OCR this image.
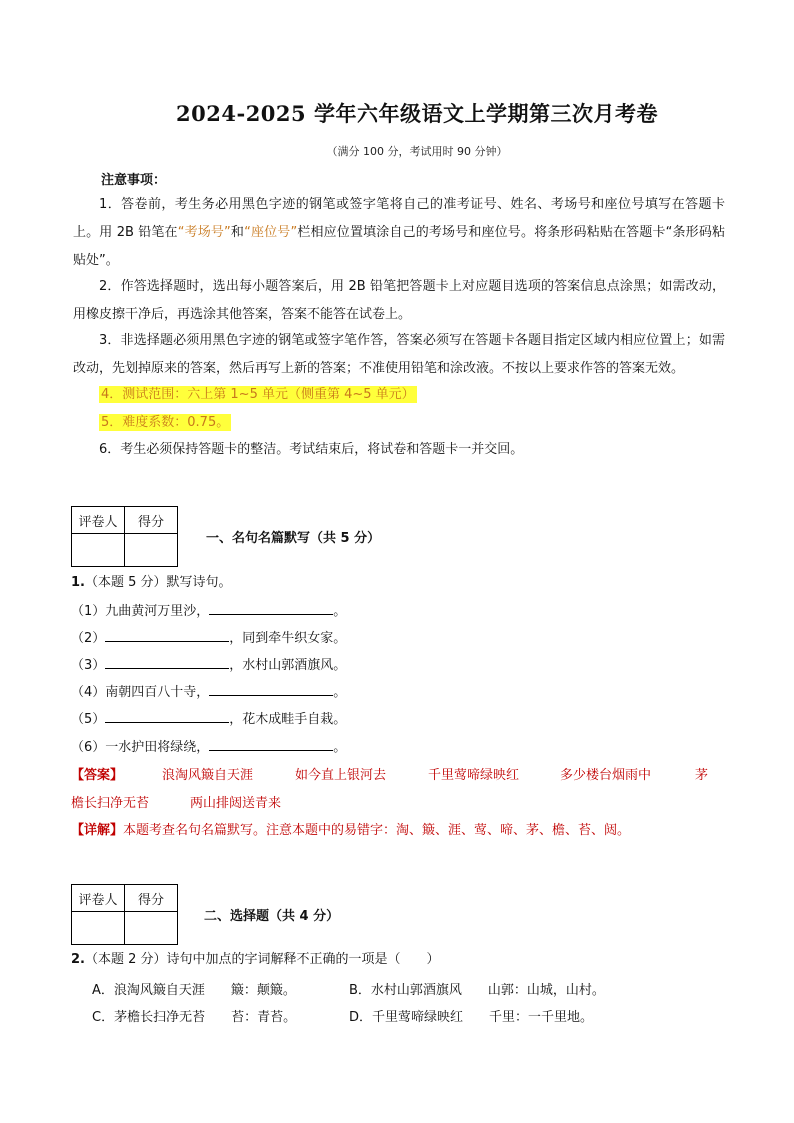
2024-2025 学年六年级语文上学期第三次月考卷
（满分 100 分，考试用时 90 分钟）
注意事项：
1．答卷前，考生务必用黑色字迹的钢笔或签字笔将自己的准考证号、姓名、考场号和座位号填写在答题卡上。用 2B 铅笔在“考场号”和“座位号”栏相应位置填涂自己的考场号和座位号。将条形码粘贴在答题卡“条形码粘贴处”。
2．作答选择题时，选出每小题答案后，用 2B 铅笔把答题卡上对应题目选项的答案信息点涂黑；如需改动，用橡皮擦干净后，再选涂其他答案，答案不能答在试卷上。
3．非选择题必须用黑色字迹的钢笔或签字笔作答，答案必须写在答题卡各题目指定区域内相应位置上；如需改动，先划掉原来的答案，然后再写上新的答案；不准使用铅笔和涂改液。不按以上要求作答的答案无效。
4．测试范围：六上第 1~5 单元（侧重第 4~5 单元）
5．难度系数：0.75。
6．考生必须保持答题卡的整洁。考试结束后，将试卷和答题卡一并交回。
评卷人	得分

一、名句名篇默写（共 5 分）
1.（本题 5 分）默写诗句。
（1）九曲黄河万里沙，	。
（2）	，同到牵牛织女家。
（3）	，水村山郭酒旗风。
（4）南朝四百八十寺，	。
（5）	，花木成畦手自栽。
（6）一水护田将绿绕，	。
【答案】	浪淘风簸自天涯	如今直上银河去	千里莺啼绿映红	多少楼台烟雨中	茅
檐长扫净无苔	两山排闼送青来
【详解】本题考查名句名篇默写。注意本题中的易错字：淘、簸、涯、莺、啼、茅、檐、苔、闼。
评卷人	得分

二、选择题（共 4 分）
2.（本题 2 分）诗句中加点的字词解释不正确的一项是（　　）
A．浪淘风簸自天涯　　簸：颠簸。	B．水村山郭酒旗风　　山郭：山城，山村。
C．茅檐长扫净无苔　　苔：青苔。	D．千里莺啼绿映红　　千里：一千里地。
